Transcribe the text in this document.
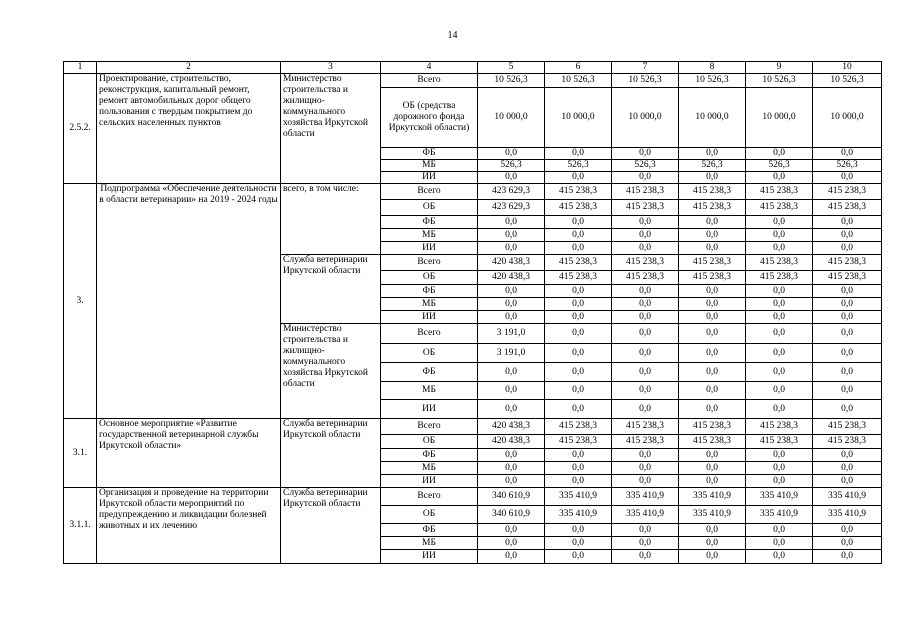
14
1	2	3	4	5	6	7	8	9	10
2.5.2.	Проектирование, строительство, реконструкция, капитальный ремонт, ремонт автомобильных дорог общего пользования с твердым покрытием до сельских населенных пунктов	Министерство строительства и жилищно-коммунального хозяйства Иркутской области	Всего	10 526,3	10 526,3	10 526,3	10 526,3	10 526,3	10 526,3
			ОБ (средства дорожного фонда Иркутской области)	10 000,0	10 000,0	10 000,0	10 000,0	10 000,0	10 000,0
			ФБ	0,0	0,0	0,0	0,0	0,0	0,0
			МБ	526,3	526,3	526,3	526,3	526,3	526,3
			ИИ	0,0	0,0	0,0	0,0	0,0	0,0
3.	Подпрограмма «Обеспечение деятельности в области ветеринарии» на 2019 - 2024 годы	всего, в том числе:	Всего	423 629,3	415 238,3	415 238,3	415 238,3	415 238,3	415 238,3
			ОБ	423 629,3	415 238,3	415 238,3	415 238,3	415 238,3	415 238,3
			ФБ	0,0	0,0	0,0	0,0	0,0	0,0
			МБ	0,0	0,0	0,0	0,0	0,0	0,0
			ИИ	0,0	0,0	0,0	0,0	0,0	0,0
		Служба ветеринарии Иркутской области	Всего	420 438,3	415 238,3	415 238,3	415 238,3	415 238,3	415 238,3
			ОБ	420 438,3	415 238,3	415 238,3	415 238,3	415 238,3	415 238,3
			ФБ	0,0	0,0	0,0	0,0	0,0	0,0
			МБ	0,0	0,0	0,0	0,0	0,0	0,0
			ИИ	0,0	0,0	0,0	0,0	0,0	0,0
		Министерство строительства и жилищно-коммунального хозяйства Иркутской области	Всего	3 191,0	0,0	0,0	0,0	0,0	0,0
			ОБ	3 191,0	0,0	0,0	0,0	0,0	0,0
			ФБ	0,0	0,0	0,0	0,0	0,0	0,0
			МБ	0,0	0,0	0,0	0,0	0,0	0,0
			ИИ	0,0	0,0	0,0	0,0	0,0	0,0
3.1.	Основное мероприятие «Развитие государственной ветеринарной службы Иркутской области»	Служба ветеринарии Иркутской области	Всего	420 438,3	415 238,3	415 238,3	415 238,3	415 238,3	415 238,3
			ОБ	420 438,3	415 238,3	415 238,3	415 238,3	415 238,3	415 238,3
			ФБ	0,0	0,0	0,0	0,0	0,0	0,0
			МБ	0,0	0,0	0,0	0,0	0,0	0,0
			ИИ	0,0	0,0	0,0	0,0	0,0	0,0
3.1.1.	Организация и проведение на территории Иркутской области мероприятий по предупреждению и ликвидации болезней животных и их лечению	Служба ветеринарии Иркутской области	Всего	340 610,9	335 410,9	335 410,9	335 410,9	335 410,9	335 410,9
			ОБ	340 610,9	335 410,9	335 410,9	335 410,9	335 410,9	335 410,9
			ФБ	0,0	0,0	0,0	0,0	0,0	0,0
			МБ	0,0	0,0	0,0	0,0	0,0	0,0
			ИИ	0,0	0,0	0,0	0,0	0,0	0,0
